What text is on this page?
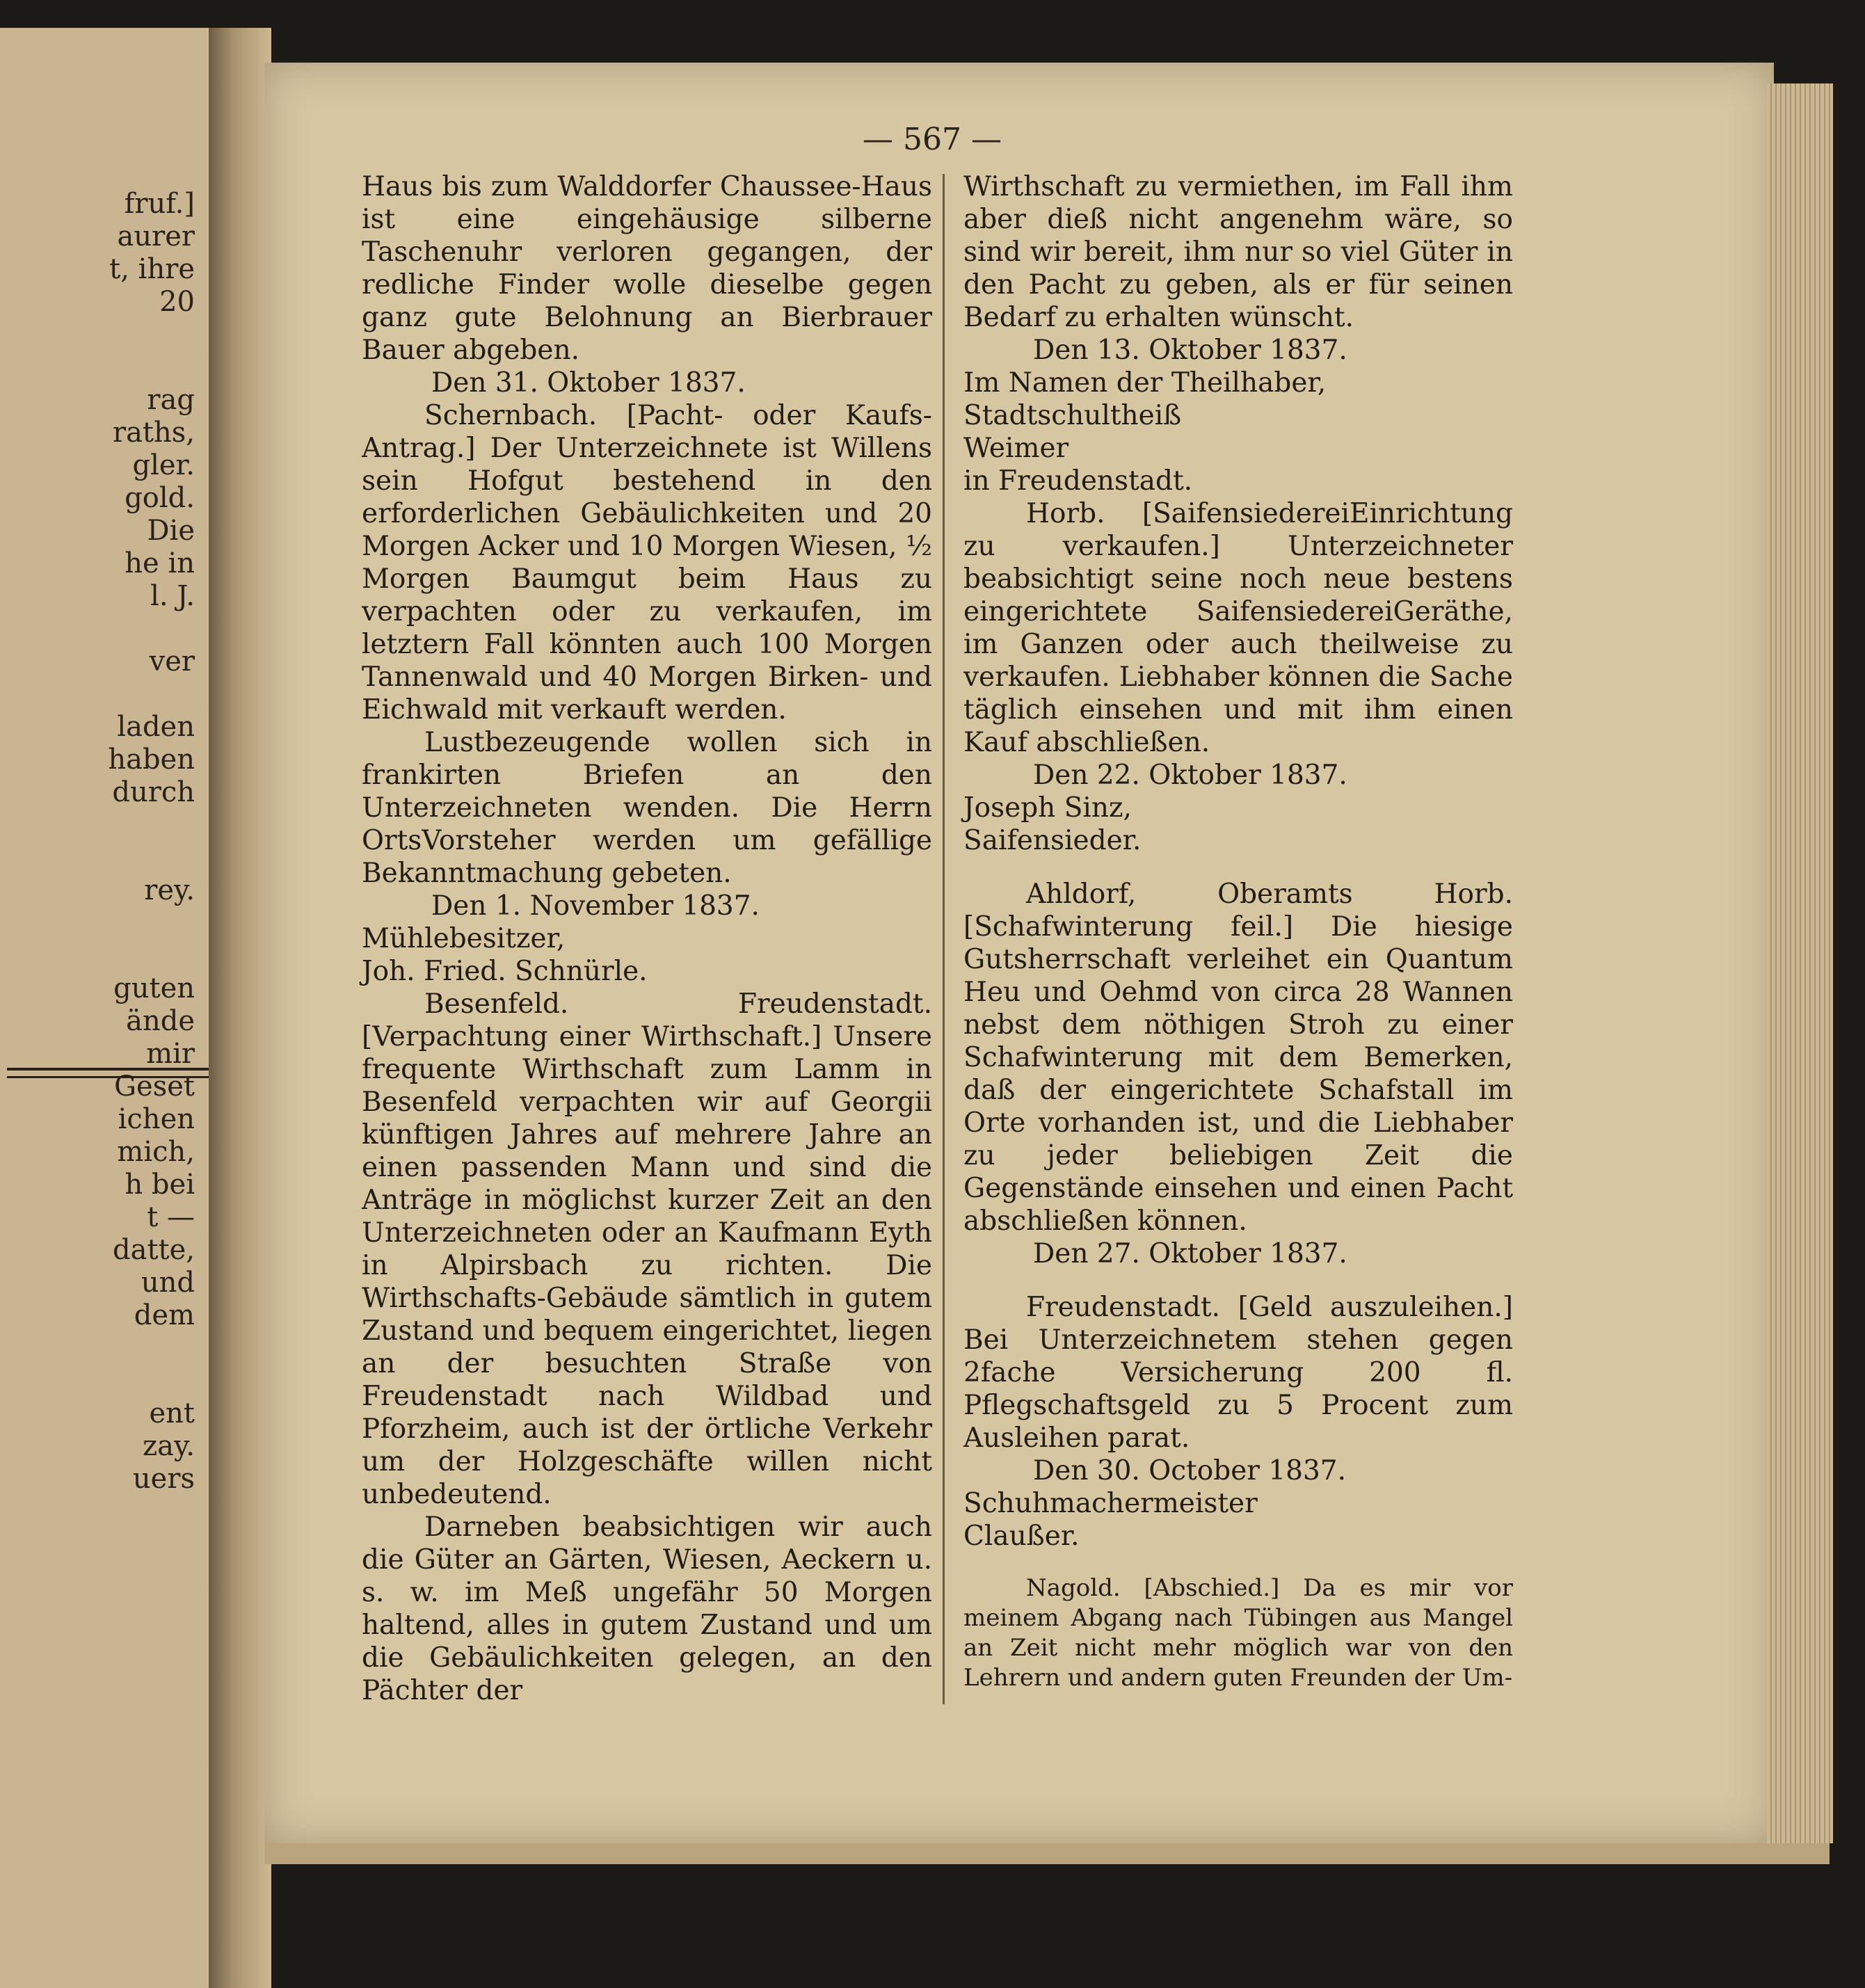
fruf.]
aurer
t, ihre
20
rag
raths,
gler.
gold.
Die
he in
l. J.
ver
laden
haben
durch
rey.
guten
ände
mir
Geset
ichen
mich,
h bei
t —
datte,
und
dem
ent
zay.
uers
— 567 —

Haus bis zum Walddorfer Chaussee-Haus ist eine eingehäusige silberne Taschenuhr verloren gegangen, der redliche Finder wolle dieselbe gegen ganz gute Belohnung an Bierbrauer Bauer abgeben.

Den 31. Oktober 1837.

Schernbach. [Pacht- oder Kaufs-Antrag.] Der Unterzeichnete ist Willens sein Hofgut bestehend in den erforderlichen Gebäulichkeiten und 20 Morgen Acker und 10 Morgen Wiesen, ½ Morgen Baumgut beim Haus zu verpachten oder zu verkaufen, im letztern Fall könnten auch 100 Morgen Tannenwald und 40 Morgen Birken- und Eichwald mit verkauft werden.

Lustbezeugende wollen sich in frankirten Briefen an den Unterzeichneten wenden. Die Herrn OrtsVorsteher werden um gefällige Bekanntmachung gebeten.

Den 1. November 1837.

Mühlebesitzer,

Joh. Fried. Schnürle.

Besenfeld. Freudenstadt. [Verpachtung einer Wirthschaft.] Unsere frequente Wirthschaft zum Lamm in Besenfeld verpachten wir auf Georgii künftigen Jahres auf mehrere Jahre an einen passenden Mann und sind die Anträge in möglichst kurzer Zeit an den Unterzeichneten oder an Kaufmann Eyth in Alpirsbach zu richten. Die Wirthschafts-Gebäude sämtlich in gutem Zustand und bequem eingerichtet, liegen an der besuchten Straße von Freudenstadt nach Wildbad und Pforzheim, auch ist der örtliche Verkehr um der Holzgeschäfte willen nicht unbedeutend.

Darneben beabsichtigen wir auch die Güter an Gärten, Wiesen, Aeckern u. s. w. im Meß ungefähr 50 Morgen haltend, alles in gutem Zustand und um die Gebäulichkeiten gelegen, an den Pächter der

Wirthschaft zu vermiethen, im Fall ihm aber dieß nicht angenehm wäre, so sind wir bereit, ihm nur so viel Güter in den Pacht zu geben, als er für seinen Bedarf zu erhalten wünscht.

Den 13. Oktober 1837.

Im Namen der Theilhaber,

Stadtschultheiß

Weimer

in Freudenstadt.

Horb. [SaifensiedereiEinrichtung zu verkaufen.] Unterzeichneter beabsichtigt seine noch neue bestens eingerichtete SaifensiedereiGeräthe, im Ganzen oder auch theilweise zu verkaufen. Liebhaber können die Sache täglich einsehen und mit ihm einen Kauf abschließen.

Den 22. Oktober 1837.

Joseph Sinz,

Saifensieder.

Ahldorf, Oberamts Horb. [Schafwinterung feil.] Die hiesige Gutsherrschaft verleihet ein Quantum Heu und Oehmd von circa 28 Wannen nebst dem nöthigen Stroh zu einer Schafwinterung mit dem Bemerken, daß der eingerichtete Schafstall im Orte vorhanden ist, und die Liebhaber zu jeder beliebigen Zeit die Gegenstände einsehen und einen Pacht abschließen können.

Den 27. Oktober 1837.

Freudenstadt. [Geld auszuleihen.] Bei Unterzeichnetem stehen gegen 2fache Versicherung 200 fl. Pflegschaftsgeld zu 5 Procent zum Ausleihen parat.

Den 30. October 1837.

Schuhmachermeister

Claußer.

Nagold. [Abschied.] Da es mir vor meinem Abgang nach Tübingen aus Mangel an Zeit nicht mehr möglich war von den Lehrern und andern guten Freunden der Um-
